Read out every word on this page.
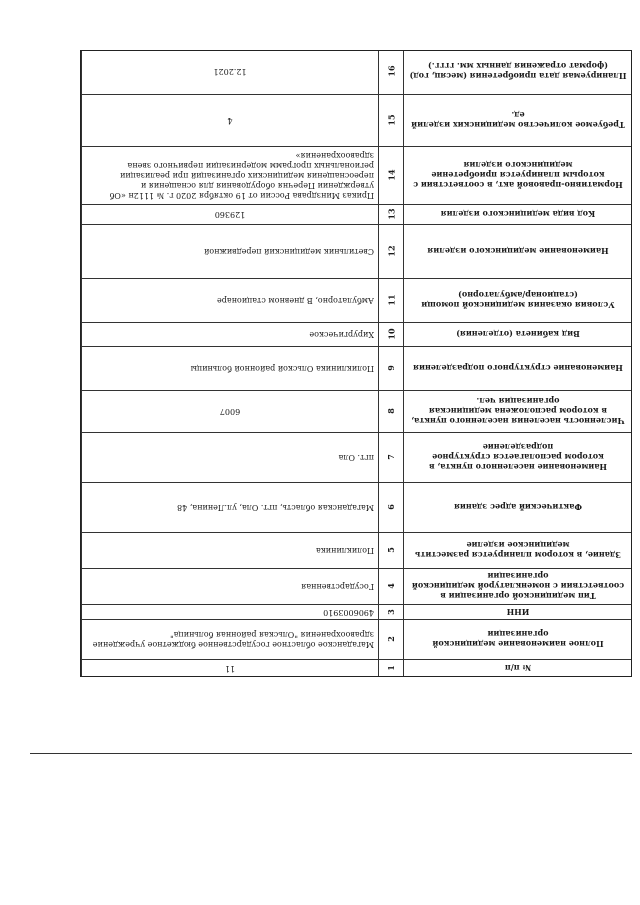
№ п/п	1	11
Полное наименование медицинской организации	2	Магаданское областное государственное бюджетное учреждение здравоохранения "Ольская районная больница"
ИНН	3	4906003910
Тип медицинской организации в соответствии с номенклатурой медицинской организации	4	Государственная
Здание, в котором планируется разместить медицинское изделие	5	Поликлиника
Фактический адрес здания	6	Магаданская область, пгт. Ола, ул.Ленина, 48
Наименование населенного пункта, в котором располагается структурное подразделение	7	пгт. Ола
Численность населения населенного пункта, в котором расположена медицинская организация чел.	8	6007
Наименование структурного подразделения	9	Поликлиника Ольской районной больницы
Вид кабинета (отделения)	10	Хирургическое
Условия оказания медицинской помощи (стационар/амбулаторно)	11	Амбулаторно, В дневном стационаре
Наименование медицинского изделия	12	Светильник медицинский передвижной
Код вида медицинского изделия	13	129360
Нормативно-правовой акт, в соответствии с которым планируется приобретение медицинского изделия	14	Приказ Минздрава России от 19 октября 2020 г. № 1112н «Об утверждении Перечня оборудования для оснащения и переоснащения медицинских организаций при реализации региональных программ модернизации первичного звена здравоохранения»
Требуемое количество медицинских изделий ед.	15	4
Планируемая дата приобретения (месяц, год) (формат отражения данных мм. гггг.)	16	12.2021
